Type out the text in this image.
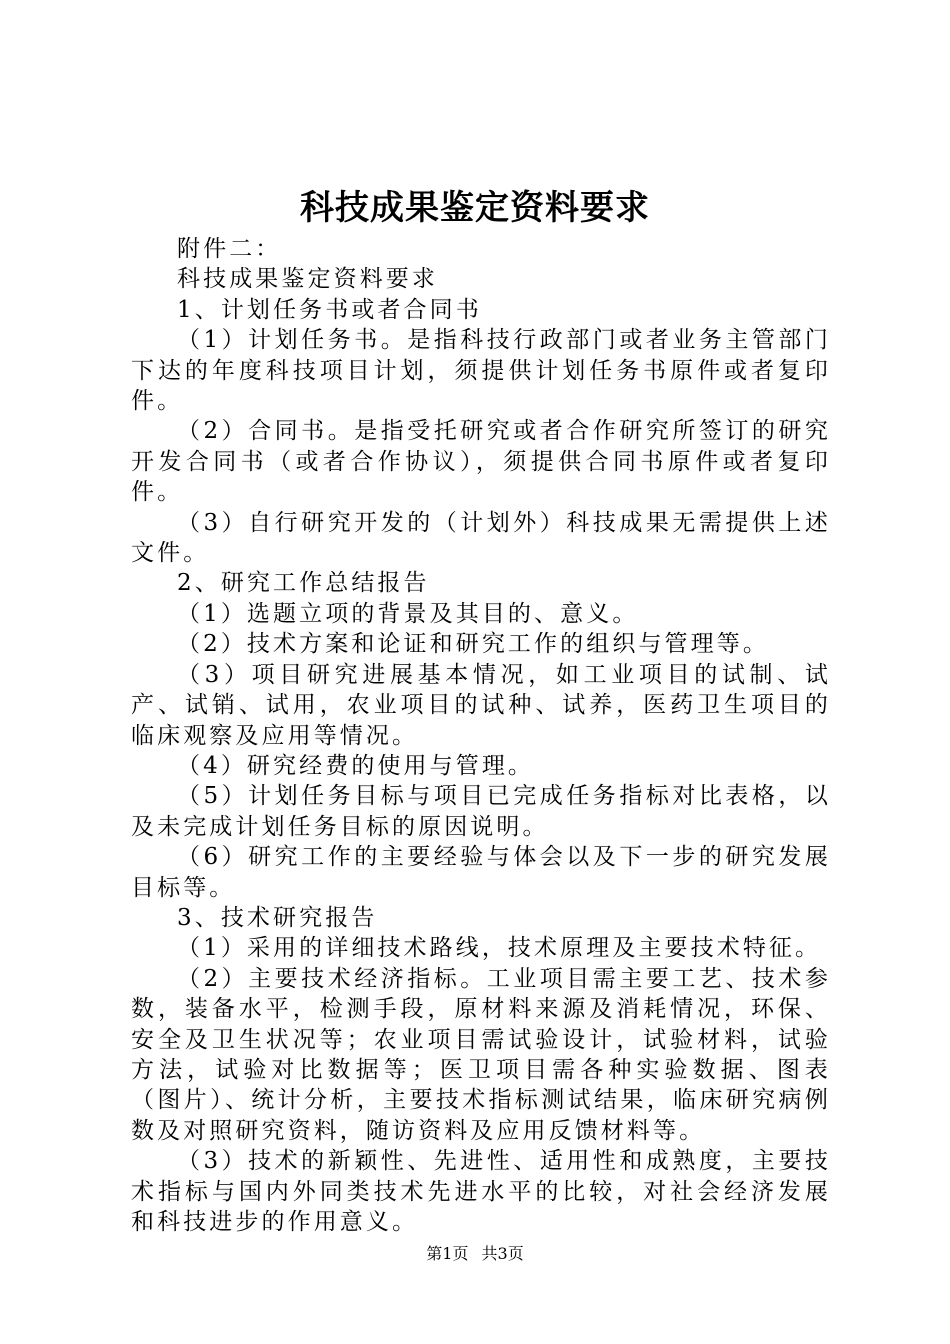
科技成果鉴定资料要求

附件二：

科技成果鉴定资料要求

1、计划任务书或者合同书

（1）计划任务书。是指科技行政部门或者业务主管部门下达的年度科技项目计划，须提供计划任务书原件或者复印件。

（2）合同书。是指受托研究或者合作研究所签订的研究开发合同书（或者合作协议），须提供合同书原件或者复印件。

（3）自行研究开发的（计划外）科技成果无需提供上述文件。

2、研究工作总结报告

（1）选题立项的背景及其目的、意义。

（2）技术方案和论证和研究工作的组织与管理等。

（3）项目研究进展基本情况，如工业项目的试制、试产、试销、试用，农业项目的试种、试养，医药卫生项目的临床观察及应用等情况。

（4）研究经费的使用与管理。

（5）计划任务目标与项目已完成任务指标对比表格，以及未完成计划任务目标的原因说明。

（6）研究工作的主要经验与体会以及下一步的研究发展目标等。

3、技术研究报告

（1）采用的详细技术路线，技术原理及主要技术特征。

（2）主要技术经济指标。工业项目需主要工艺、技术参数，装备水平，检测手段，原材料来源及消耗情况，环保、安全及卫生状况等；农业项目需试验设计，试验材料，试验方法，试验对比数据等；医卫项目需各种实验数据、图表（图片）、统计分析，主要技术指标测试结果，临床研究病例数及对照研究资料，随访资料及应用反馈材料等。

（3）技术的新颖性、先进性、适用性和成熟度，主要技术指标与国内外同类技术先进水平的比较，对社会经济发展和科技进步的作用意义。

第1页 共3页
